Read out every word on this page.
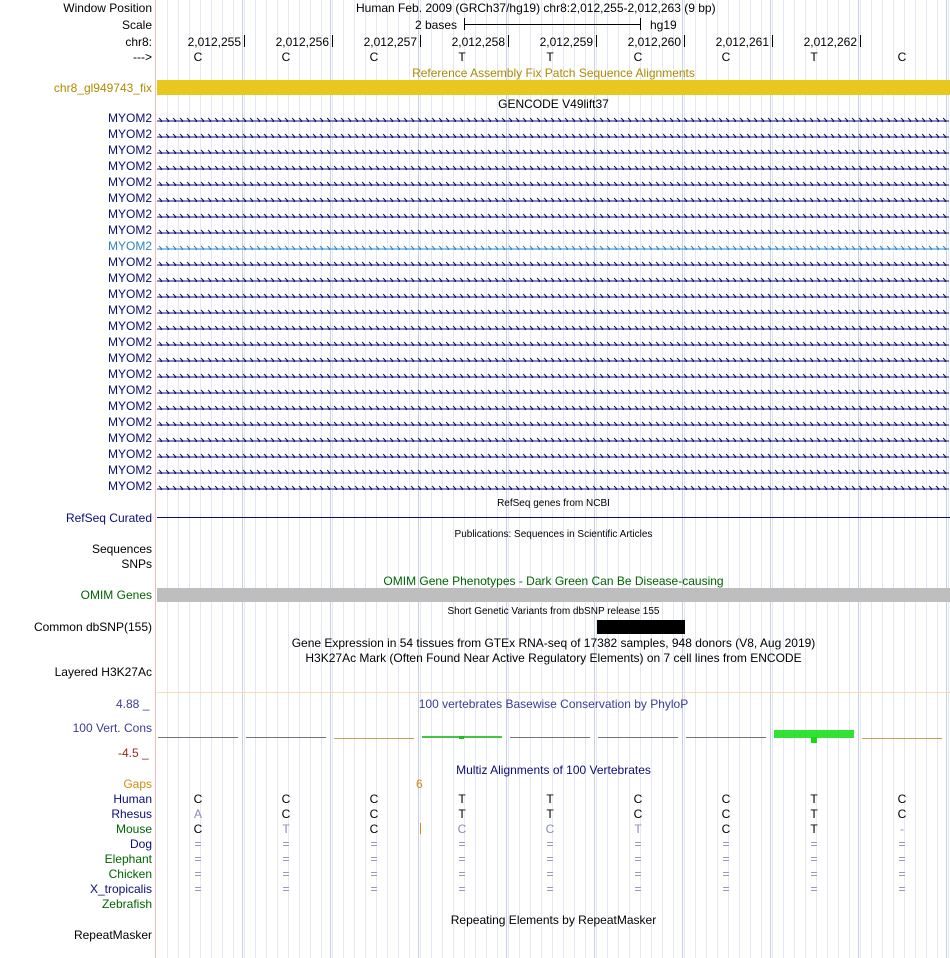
Window Position	Human Feb. 2009 (GRCh37/hg19) chr8:2,012,255-2,012,263 (9 bp)
Scale	2 bases	hg19
chr8:	2,012,255	2,012,256	2,012,257	2,012,258	2,012,259	2,012,260	2,012,261	2,012,262
--->	C	C	C	T	T	C	C	T	C
Reference Assembly Fix Patch Sequence Alignments
chr8_gl949743_fix
GENCODE V49lift37
MYOM2
MYOM2
MYOM2
MYOM2
MYOM2
MYOM2
MYOM2
MYOM2
MYOM2
MYOM2
MYOM2
MYOM2
MYOM2
MYOM2
MYOM2
MYOM2
MYOM2
MYOM2
MYOM2
MYOM2
MYOM2
MYOM2
MYOM2
MYOM2
RefSeq genes from NCBI
RefSeq Curated
Publications: Sequences in Scientific Articles
Sequences
SNPs
OMIM Gene Phenotypes - Dark Green Can Be Disease-causing
OMIM Genes
Short Genetic Variants from dbSNP release 155
Common dbSNP(155)
Gene Expression in 54 tissues from GTEx RNA-seq of 17382 samples, 948 donors (V8, Aug 2019)
H3K27Ac Mark (Often Found Near Active Regulatory Elements) on 7 cell lines from ENCODE
Layered H3K27Ac
4.88 _	100 vertebrates Basewise Conservation by PhyloP
100 Vert. Cons
-4.5 _
Multiz Alignments of 100 Vertebrates
Gaps	6
Human	C	C	C	T	T	C	C	T	C
Rhesus	A	C	C	T	T	C	C	T	C
Mouse	C	T	C	C	C	T	C	T	-
Dog	=	=	=	=	=	=	=	=	=
Elephant	=	=	=	=	=	=	=	=	=
Chicken	=	=	=	=	=	=	=	=	=
X_tropicalis	=	=	=	=	=	=	=	=	=
Zebrafish
Repeating Elements by RepeatMasker
RepeatMasker
